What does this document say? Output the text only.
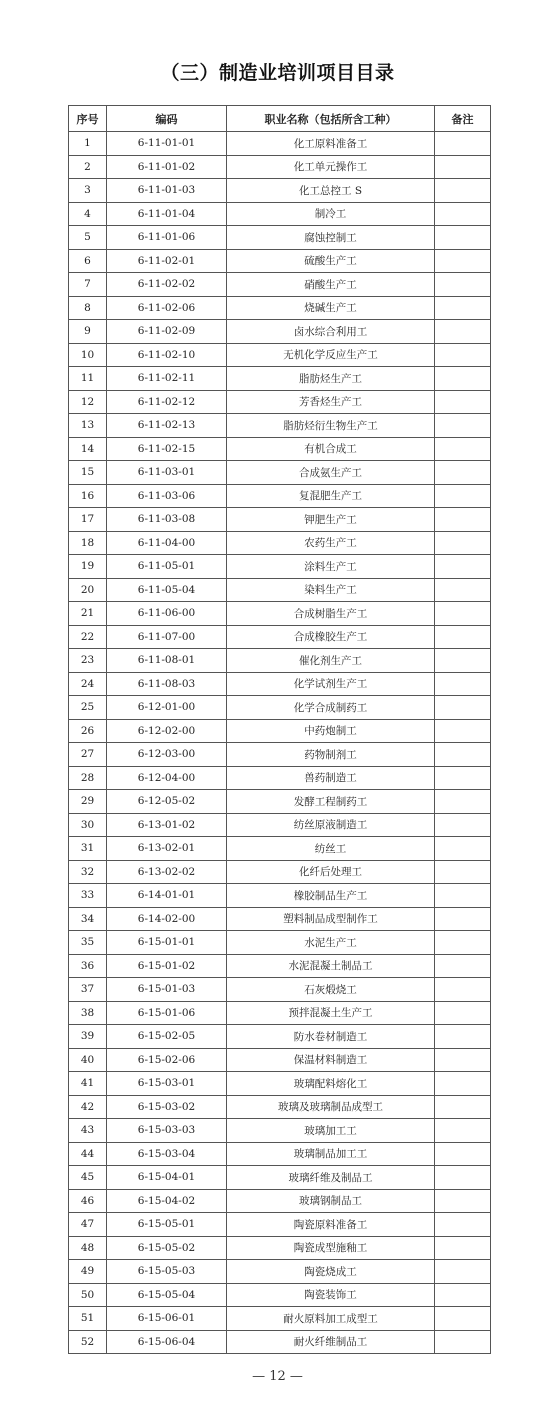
（三）制造业培训项目目录
序号	编码	职业名称（包括所含工种）	备注
1	6-11-01-01	化工原料准备工	
2	6-11-01-02	化工单元操作工	
3	6-11-01-03	化工总控工 S	
4	6-11-01-04	制冷工	
5	6-11-01-06	腐蚀控制工	
6	6-11-02-01	硫酸生产工	
7	6-11-02-02	硝酸生产工	
8	6-11-02-06	烧碱生产工	
9	6-11-02-09	卤水综合利用工	
10	6-11-02-10	无机化学反应生产工	
11	6-11-02-11	脂肪烃生产工	
12	6-11-02-12	芳香烃生产工	
13	6-11-02-13	脂肪烃衍生物生产工	
14	6-11-02-15	有机合成工	
15	6-11-03-01	合成氨生产工	
16	6-11-03-06	复混肥生产工	
17	6-11-03-08	钾肥生产工	
18	6-11-04-00	农药生产工	
19	6-11-05-01	涂料生产工	
20	6-11-05-04	染料生产工	
21	6-11-06-00	合成树脂生产工	
22	6-11-07-00	合成橡胶生产工	
23	6-11-08-01	催化剂生产工	
24	6-11-08-03	化学试剂生产工	
25	6-12-01-00	化学合成制药工	
26	6-12-02-00	中药炮制工	
27	6-12-03-00	药物制剂工	
28	6-12-04-00	兽药制造工	
29	6-12-05-02	发酵工程制药工	
30	6-13-01-02	纺丝原液制造工	
31	6-13-02-01	纺丝工	
32	6-13-02-02	化纤后处理工	
33	6-14-01-01	橡胶制品生产工	
34	6-14-02-00	塑料制品成型制作工	
35	6-15-01-01	水泥生产工	
36	6-15-01-02	水泥混凝土制品工	
37	6-15-01-03	石灰煅烧工	
38	6-15-01-06	预拌混凝土生产工	
39	6-15-02-05	防水卷材制造工	
40	6-15-02-06	保温材料制造工	
41	6-15-03-01	玻璃配料熔化工	
42	6-15-03-02	玻璃及玻璃制品成型工	
43	6-15-03-03	玻璃加工工	
44	6-15-03-04	玻璃制品加工工	
45	6-15-04-01	玻璃纤维及制品工	
46	6-15-04-02	玻璃钢制品工	
47	6-15-05-01	陶瓷原料准备工	
48	6-15-05-02	陶瓷成型施釉工	
49	6-15-05-03	陶瓷烧成工	
50	6-15-05-04	陶瓷装饰工	
51	6-15-06-01	耐火原料加工成型工	
52	6-15-06-04	耐火纤维制品工	
— 12 —
